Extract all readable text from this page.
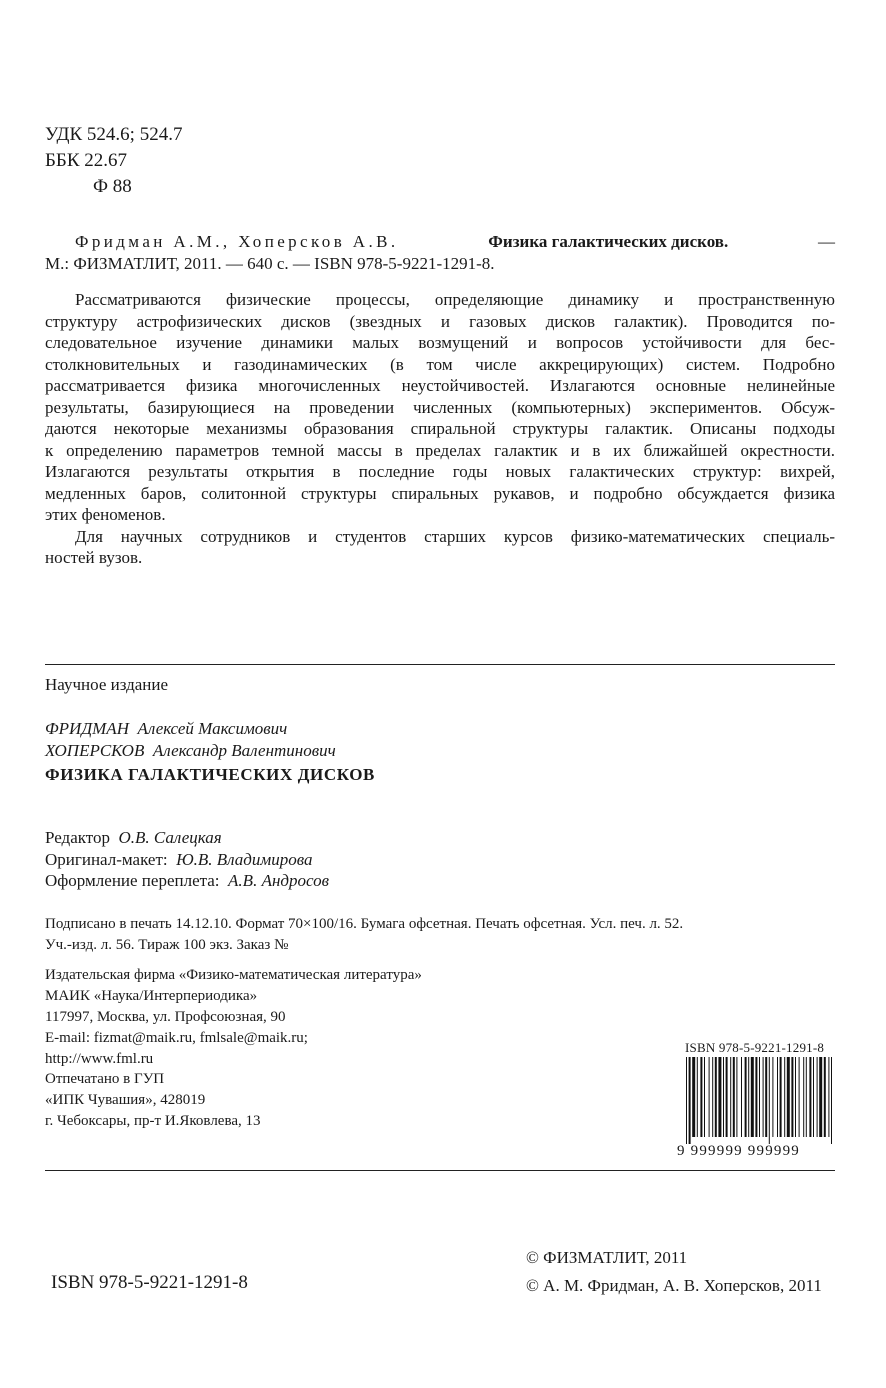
УДК 524.6; 524.7
ББК 22.67
Ф 88
Фридман А.М., Хоперсков А.В.	Физика галактических дисков.	—
М.: ФИЗМАТЛИТ, 2011. — 640 с. — ISBN 978-5-9221-1291-8.
Рассматриваются физические процессы, определяющие динамику и пространственную
структуру астрофизических дисков (звездных и газовых дисков галактик). Проводится по-
следовательное изучение динамики малых возмущений и вопросов устойчивости для бес-
столкновительных и газодинамических (в том числе аккрецирующих) систем. Подробно
рассматривается физика многочисленных неустойчивостей. Излагаются основные нелинейные
результаты, базирующиеся на проведении численных (компьютерных) экспериментов. Обсуж-
даются некоторые механизмы образования спиральной структуры галактик. Описаны подходы
к определению параметров темной массы в пределах галактик и в их ближайшей окрестности.
Излагаются результаты открытия в последние годы новых галактических структур: вихрей,
медленных баров, солитонной структуры спиральных рукавов, и подробно обсуждается физика
этих феноменов.
Для научных сотрудников и студентов старших курсов физико-математических специаль-
ностей вузов.
Научное издание
ФРИДМАН Алексей Максимович
ХОПЕРСКОВ Александр Валентинович
ФИЗИКА ГАЛАКТИЧЕСКИХ ДИСКОВ
Редактор О.В. Салецкая
Оригинал-макет: Ю.В. Владимирова
Оформление переплета: А.В. Андросов
Подписано в печать 14.12.10. Формат 70×100/16. Бумага офсетная. Печать офсетная. Усл. печ. л. 52.
Уч.-изд. л. 56. Тираж 100 экз. Заказ №
Издательская фирма «Физико-математическая литература»
МАИК «Наука/Интерпериодика»
117997, Москва, ул. Профсоюзная, 90
E-mail: fizmat@maik.ru, fmlsale@maik.ru;
http://www.fml.ru
Отпечатано в ГУП
«ИПК Чувашия», 428019
г. Чебоксары, пр-т И.Яковлева, 13
ISBN 978-5-9221-1291-8
9 999999 999999
ISBN 978-5-9221-1291-8
© ФИЗМАТЛИТ, 2011
© А. М. Фридман, А. В. Хоперсков, 2011
